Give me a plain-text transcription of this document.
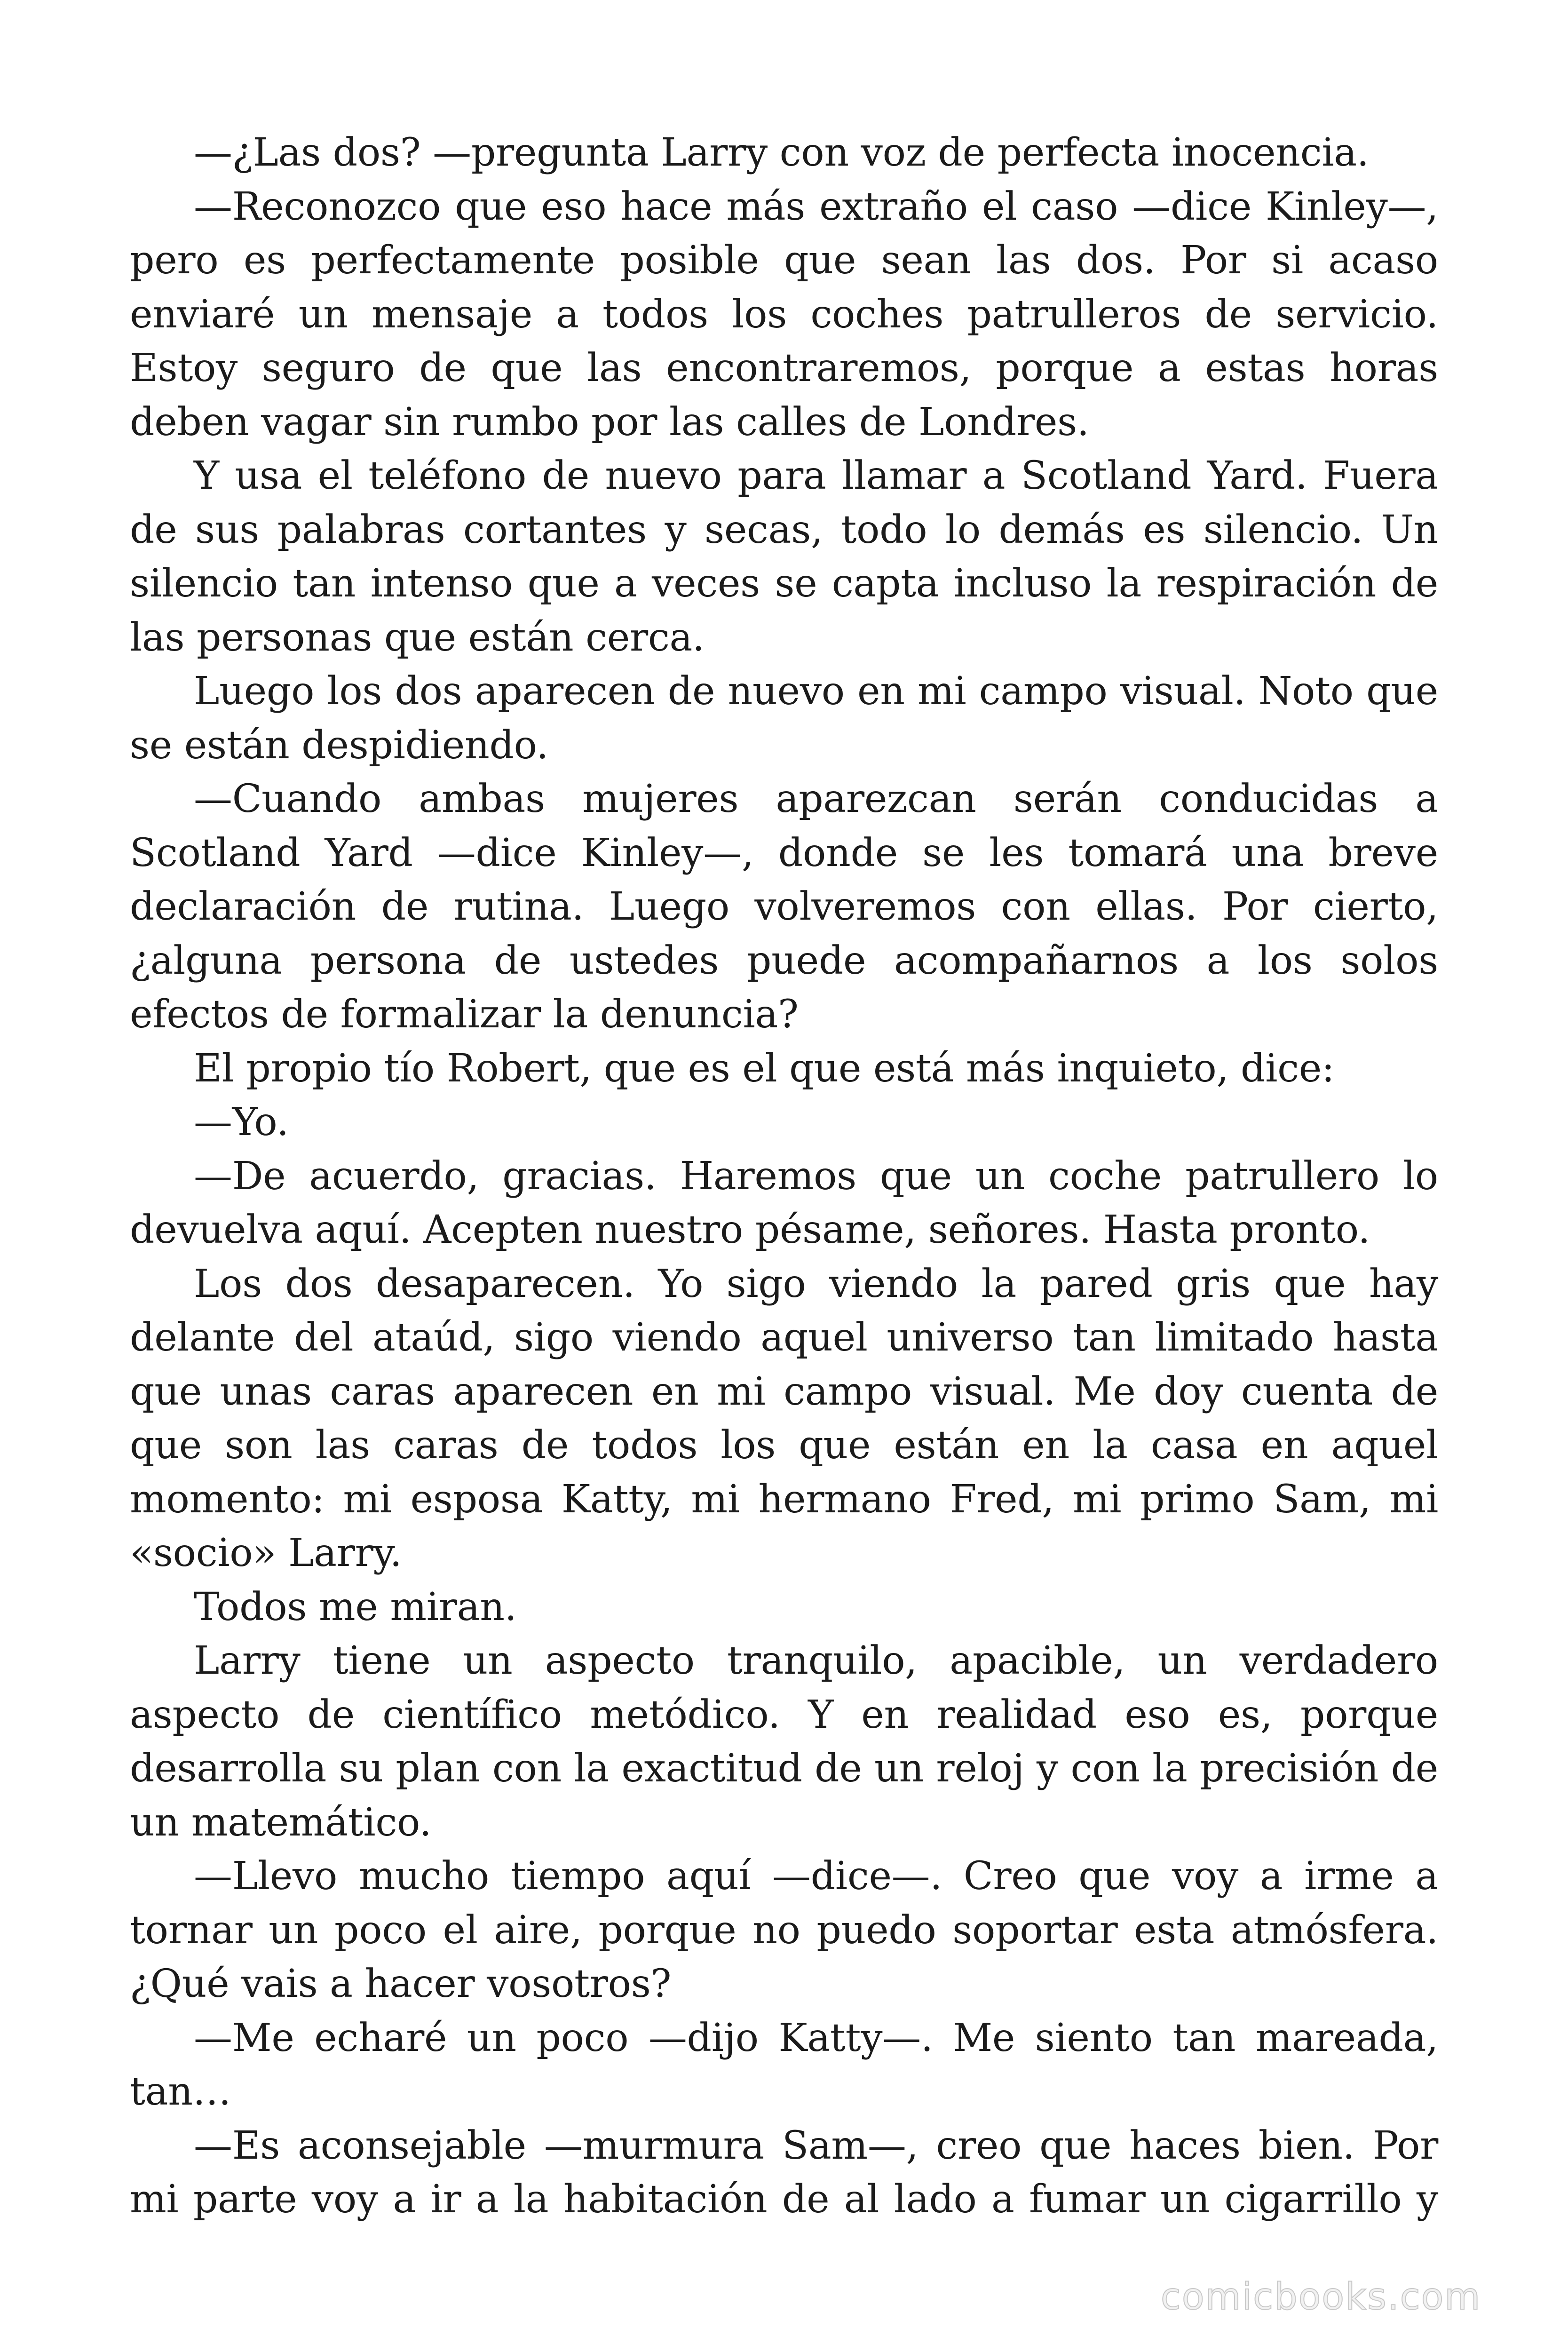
—¿Las dos? —pregunta Larry con voz de perfecta inocencia.

—Reconozco que eso hace más extraño el caso —dice Kinley—, pero es perfectamente posible que sean las dos. Por si acaso enviaré un mensaje a todos los coches patrulleros de servicio. Estoy seguro de que las encontraremos, porque a estas horas deben vagar sin rumbo por las calles de Londres.

Y usa el teléfono de nuevo para llamar a Scotland Yard. Fuera de sus palabras cortantes y secas, todo lo demás es silencio. Un silencio tan intenso que a veces se capta incluso la respiración de las personas que están cerca.

Luego los dos aparecen de nuevo en mi campo visual. Noto que se están despidiendo.

—Cuando ambas mujeres aparezcan serán conducidas a Scotland Yard —dice Kinley—, donde se les tomará una breve declaración de rutina. Luego volveremos con ellas. Por cierto, ¿alguna persona de ustedes puede acompañarnos a los solos efectos de formalizar la denuncia?

El propio tío Robert, que es el que está más inquieto, dice:

—Yo.

—De acuerdo, gracias. Haremos que un coche patrullero lo devuelva aquí. Acepten nuestro pésame, señores. Hasta pronto.

Los dos desaparecen. Yo sigo viendo la pared gris que hay delante del ataúd, sigo viendo aquel universo tan limitado hasta que unas caras aparecen en mi campo visual. Me doy cuenta de que son las caras de todos los que están en la casa en aquel momento: mi esposa Katty, mi hermano Fred, mi primo Sam, mi «socio» Larry.

Todos me miran.

Larry tiene un aspecto tranquilo, apacible, un verdadero aspecto de científico metódico. Y en realidad eso es, porque desarrolla su plan con la exactitud de un reloj y con la precisión de un matemático.

—Llevo mucho tiempo aquí —dice—. Creo que voy a irme a tornar un poco el aire, porque no puedo soportar esta atmósfera. ¿Qué vais a hacer vosotros?

—Me echaré un poco —dijo Katty—. Me siento tan mareada, tan…

—Es aconsejable —murmura Sam—, creo que haces bien. Por mi parte voy a ir a la habitación de al lado a fumar un cigarrillo y

comicbooks.com
